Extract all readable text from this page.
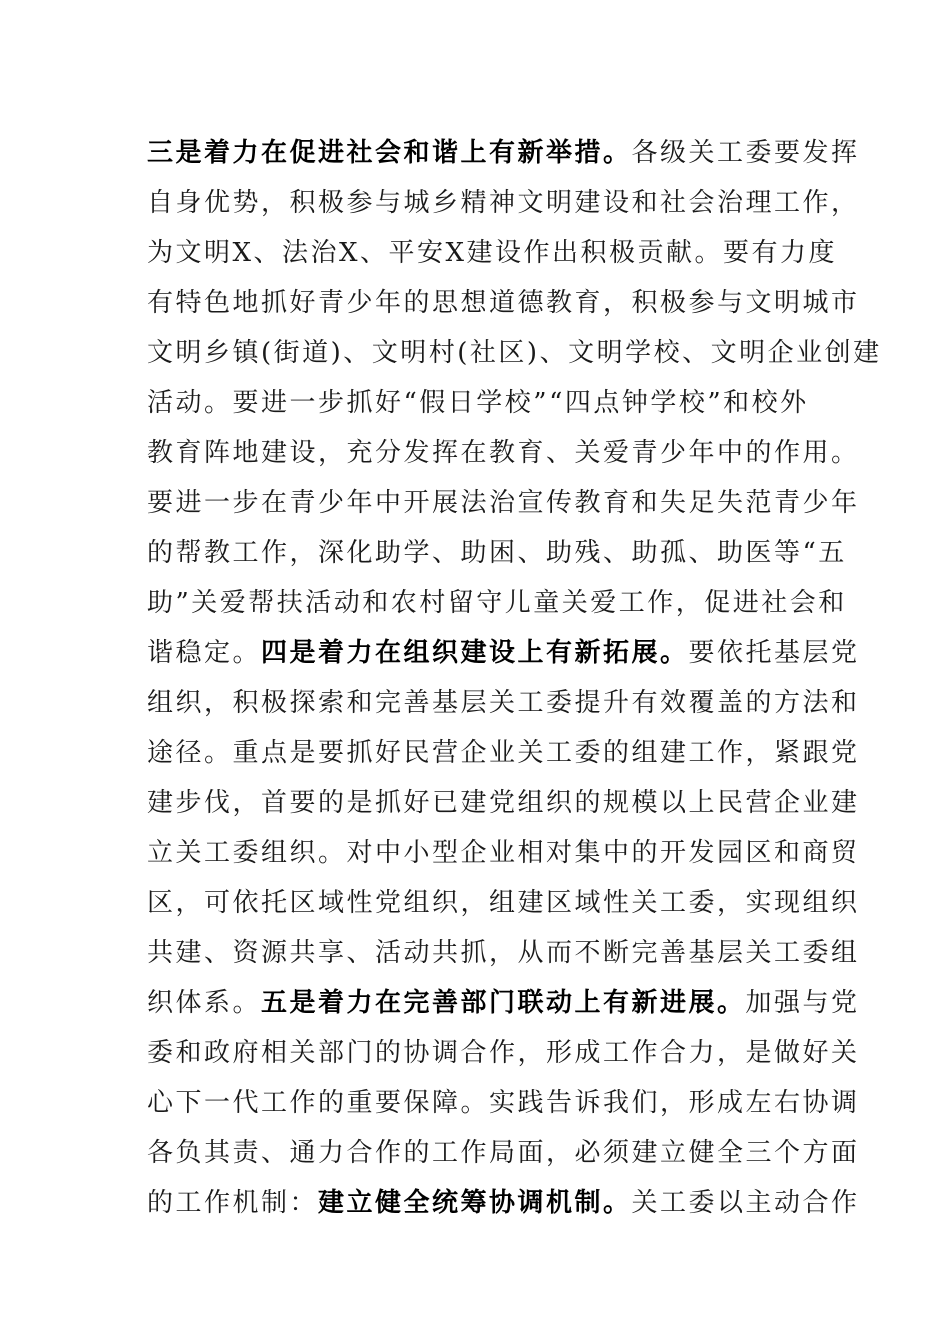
三是着力在促进社会和谐上有新举措。各级关工委要发挥
自身优势，积极参与城乡精神文明建设和社会治理工作，
为文明X、法治X、平安X建设作出积极贡献。要有力度
有特色地抓好青少年的思想道德教育，积极参与文明城市
文明乡镇(街道)、文明村(社区)、文明学校、文明企业创建
活动。要进一步抓好“假日学校”“四点钟学校”和校外
教育阵地建设，充分发挥在教育、关爱青少年中的作用。
要进一步在青少年中开展法治宣传教育和失足失范青少年
的帮教工作，深化助学、助困、助残、助孤、助医等“五
助”关爱帮扶活动和农村留守儿童关爱工作，促进社会和
谐稳定。四是着力在组织建设上有新拓展。要依托基层党
组织，积极探索和完善基层关工委提升有效覆盖的方法和
途径。重点是要抓好民营企业关工委的组建工作，紧跟党
建步伐，首要的是抓好已建党组织的规模以上民营企业建
立关工委组织。对中小型企业相对集中的开发园区和商贸
区，可依托区域性党组织，组建区域性关工委，实现组织
共建、资源共享、活动共抓，从而不断完善基层关工委组
织体系。五是着力在完善部门联动上有新进展。加强与党
委和政府相关部门的协调合作，形成工作合力，是做好关
心下一代工作的重要保障。实践告诉我们，形成左右协调
各负其责、通力合作的工作局面，必须建立健全三个方面
的工作机制：建立健全统筹协调机制。关工委以主动合作
